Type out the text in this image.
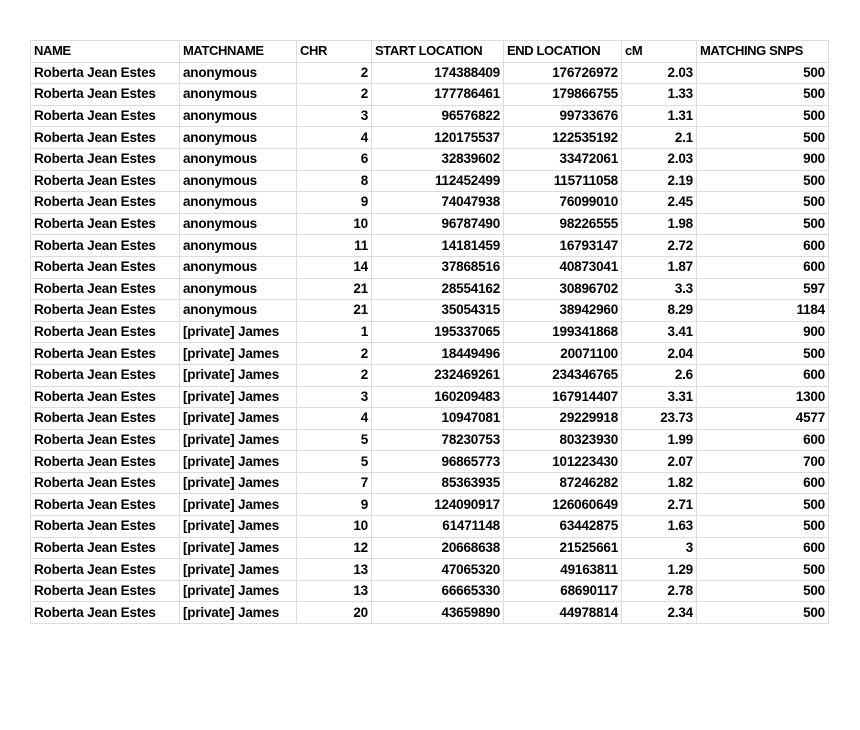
NAME	MATCHNAME	CHR	START LOCATION	END LOCATION	cM	MATCHING SNPS
Roberta Jean Estes	anonymous	2	174388409	176726972	2.03	500
Roberta Jean Estes	anonymous	2	177786461	179866755	1.33	500
Roberta Jean Estes	anonymous	3	96576822	99733676	1.31	500
Roberta Jean Estes	anonymous	4	120175537	122535192	2.1	500
Roberta Jean Estes	anonymous	6	32839602	33472061	2.03	900
Roberta Jean Estes	anonymous	8	112452499	115711058	2.19	500
Roberta Jean Estes	anonymous	9	74047938	76099010	2.45	500
Roberta Jean Estes	anonymous	10	96787490	98226555	1.98	500
Roberta Jean Estes	anonymous	11	14181459	16793147	2.72	600
Roberta Jean Estes	anonymous	14	37868516	40873041	1.87	600
Roberta Jean Estes	anonymous	21	28554162	30896702	3.3	597
Roberta Jean Estes	anonymous	21	35054315	38942960	8.29	1184
Roberta Jean Estes	[private] James	1	195337065	199341868	3.41	900
Roberta Jean Estes	[private] James	2	18449496	20071100	2.04	500
Roberta Jean Estes	[private] James	2	232469261	234346765	2.6	600
Roberta Jean Estes	[private] James	3	160209483	167914407	3.31	1300
Roberta Jean Estes	[private] James	4	10947081	29229918	23.73	4577
Roberta Jean Estes	[private] James	5	78230753	80323930	1.99	600
Roberta Jean Estes	[private] James	5	96865773	101223430	2.07	700
Roberta Jean Estes	[private] James	7	85363935	87246282	1.82	600
Roberta Jean Estes	[private] James	9	124090917	126060649	2.71	500
Roberta Jean Estes	[private] James	10	61471148	63442875	1.63	500
Roberta Jean Estes	[private] James	12	20668638	21525661	3	600
Roberta Jean Estes	[private] James	13	47065320	49163811	1.29	500
Roberta Jean Estes	[private] James	13	66665330	68690117	2.78	500
Roberta Jean Estes	[private] James	20	43659890	44978814	2.34	500
